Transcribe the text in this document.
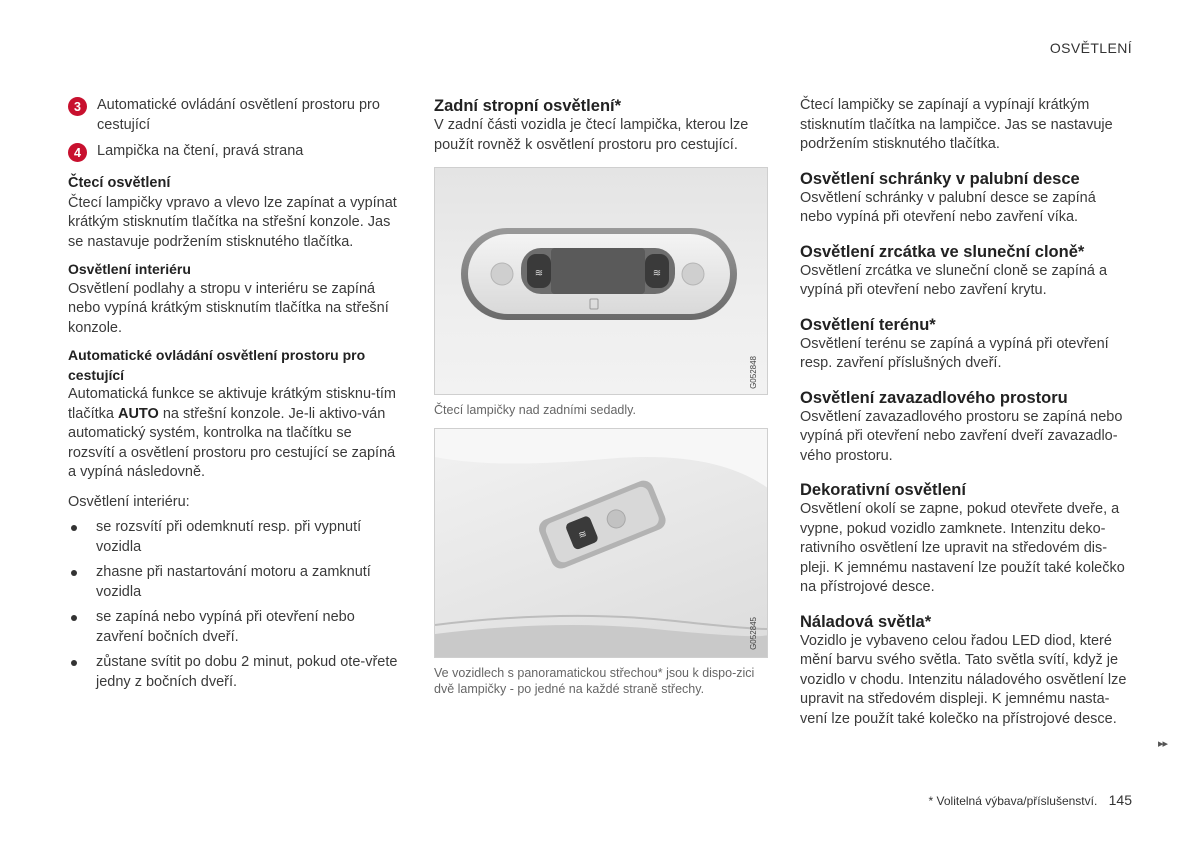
OSVĚTLENÍ
3	Automatické ovládání osvětlení prostoru pro cestující

4	Lampička na čtení, pravá strana

Čtecí osvětlení

Čtecí lampičky vpravo a vlevo lze zapínat a vypínat krátkým stisknutím tlačítka na střešní konzole. Jas se nastavuje podržením stisknutého tlačítka.

Osvětlení interiéru

Osvětlení podlahy a stropu v interiéru se zapíná nebo vypíná krátkým stisknutím tlačítka na střešní konzole.

Automatické ovládání osvětlení prostoru pro cestující

Automatická funkce se aktivuje krátkým stisknu-tím tlačítka AUTO na střešní konzole. Je-li aktivo-ván automatický systém, kontrolka na tlačítku se rozsvítí a osvětlení prostoru pro cestující se zapíná a vypíná následovně.

Osvětlení interiéru:

se rozsvítí při odemknutí resp. při vypnutí vozidla
zhasne při nastartování motoru a zamknutí vozidla
se zapíná nebo vypíná při otevření nebo zavření bočních dveří.
zůstane svítit po dobu 2 minut, pokud ote-vřete jedny z bočních dveří.
Zadní stropní osvětlení*

V zadní části vozidla je čtecí lampička, kterou lze použít rovněž k osvětlení prostoru pro cestující.

≋	≋
G052848
Čtecí lampičky nad zadními sedadly.
≋
G052845
Ve vozidlech s panoramatickou střechou* jsou k dispo-zici dvě lampičky - po jedné na každé straně střechy.

Čtecí lampičky se zapínají a vypínají krátkým stisknutím tlačítka na lampičce. Jas se nastavuje podržením stisknutého tlačítka.

Osvětlení schránky v palubní desce

Osvětlení schránky v palubní desce se zapíná nebo vypíná při otevření nebo zavření víka.

Osvětlení zrcátka ve sluneční cloně*

Osvětlení zrcátka ve sluneční cloně se zapíná a vypíná při otevření nebo zavření krytu.

Osvětlení terénu*

Osvětlení terénu se zapíná a vypíná při otevření resp. zavření příslušných dveří.

Osvětlení zavazadlového prostoru

Osvětlení zavazadlového prostoru se zapíná nebo vypíná při otevření nebo zavření dveří zavazadlo-vého prostoru.

Dekorativní osvětlení

Osvětlení okolí se zapne, pokud otevřete dveře, a vypne, pokud vozidlo zamknete. Intenzitu deko-rativního osvětlení lze upravit na středovém dis-pleji. K jemnému nastavení lze použít také kolečko na přístrojové desce.

Náladová světla*

Vozidlo je vybaveno celou řadou LED diod, které mění barvu svého světla. Tato světla svítí, když je vozidlo v chodu. Intenzitu náladového osvětlení lze upravit na středovém displeji. K jemnému nasta-vení lze použít také kolečko na přístrojové desce.

▸▸
* Volitelná výbava/příslušenství. 145
